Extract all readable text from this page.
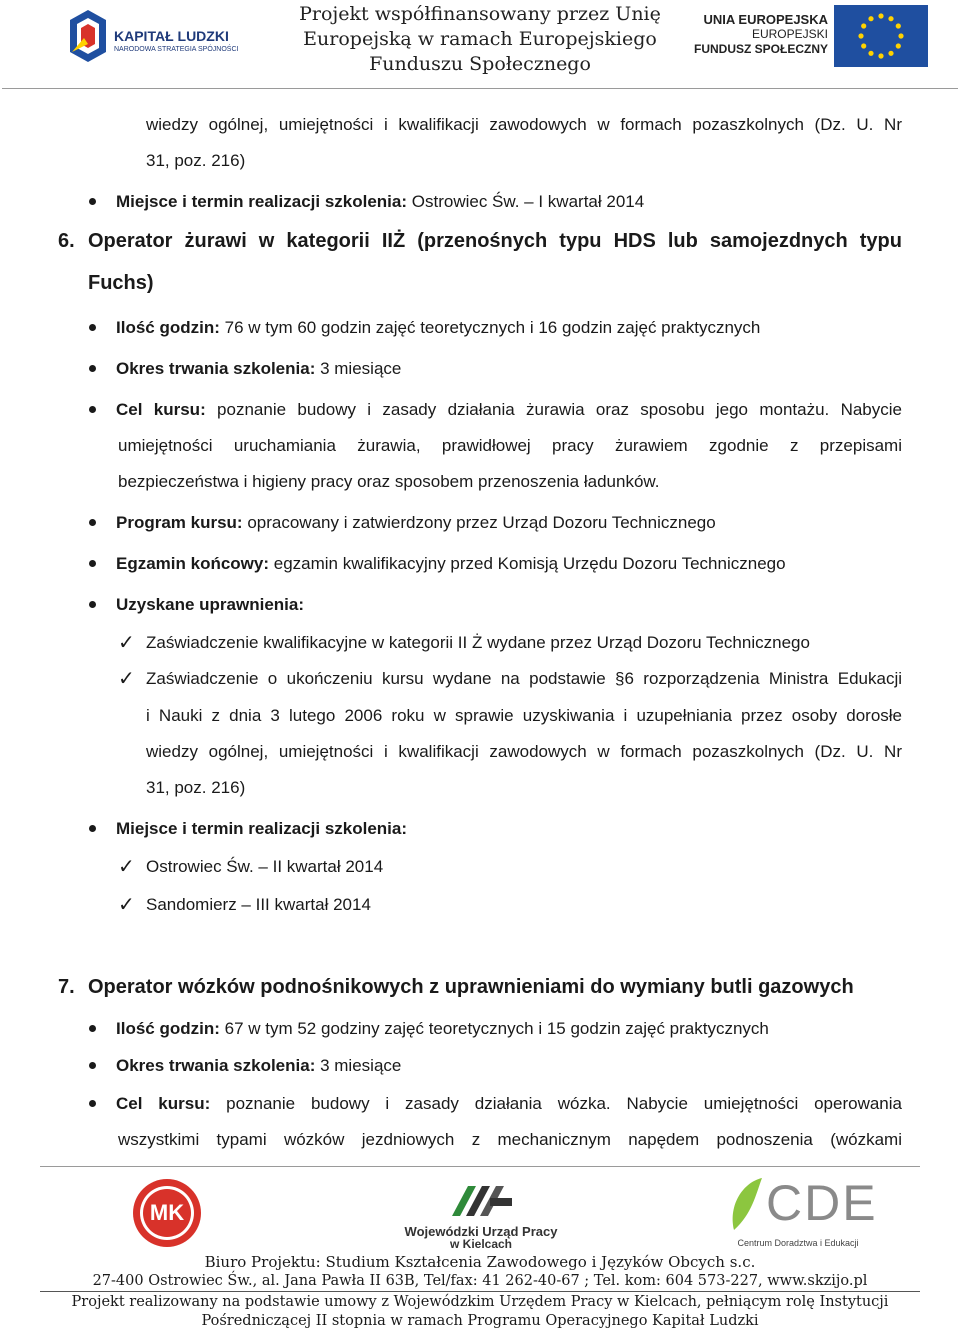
KAPITAŁ LUDZKI
NARODOWA STRATEGIA SPÓJNOŚCI
Projekt współfinansowany przez Unię
Europejską w ramach Europejskiego
Funduszu Społecznego
UNIA EUROPEJSKA
EUROPEJSKI
FUNDUSZ SPOŁECZNY
wiedzy ogólnej, umiejętności i kwalifikacji zawodowych w formach pozaszkolnych (Dz. U. Nr
31, poz. 216)
Miejsce i termin realizacji szkolenia: Ostrowiec Św. – I kwartał 2014
6. Operator żurawi w kategorii IIŻ (przenośnych typu HDS lub samojezdnych typu
Fuchs)
Ilość godzin: 76 w tym 60 godzin zajęć teoretycznych i 16 godzin zajęć praktycznych
Okres trwania szkolenia: 3 miesiące
Cel kursu: poznanie budowy i zasady działania żurawia oraz sposobu jego montażu. Nabycie
umiejętności uruchamiania żurawia, prawidłowej pracy żurawiem zgodnie z przepisami
bezpieczeństwa i higieny pracy oraz sposobem przenoszenia ładunków.
Program kursu: opracowany i zatwierdzony przez Urząd Dozoru Technicznego
Egzamin końcowy: egzamin kwalifikacyjny przed Komisją Urzędu Dozoru Technicznego
Uzyskane uprawnienia:
✓ Zaświadczenie kwalifikacyjne w kategorii II Ż wydane przez Urząd Dozoru Technicznego
✓ Zaświadczenie o ukończeniu kursu wydane na podstawie §6 rozporządzenia Ministra Edukacji
i Nauki z dnia 3 lutego 2006 roku w sprawie uzyskiwania i uzupełniania przez osoby dorosłe
wiedzy ogólnej, umiejętności i kwalifikacji zawodowych w formach pozaszkolnych (Dz. U. Nr
31, poz. 216)
Miejsce i termin realizacji szkolenia:
✓ Ostrowiec Św. – II kwartał 2014
✓ Sandomierz – III kwartał 2014
7. Operator wózków podnośnikowych z uprawnieniami do wymiany butli gazowych
Ilość godzin: 67 w tym 52 godziny zajęć teoretycznych i 15 godzin zajęć praktycznych
Okres trwania szkolenia: 3 miesiące
Cel kursu: poznanie budowy i zasady działania wózka. Nabycie umiejętności operowania
wszystkimi typami wózków jezdniowych z mechanicznym napędem podnoszenia (wózkami
MK
Wojewódzki Urząd Pracy
w Kielcach
CDE
Centrum Doradztwa i Edukacji
Biuro Projektu: Studium Kształcenia Zawodowego i Języków Obcych s.c.
27-400 Ostrowiec Św., al. Jana Pawła II 63B, Tel/fax: 41 262-40-67 ; Tel. kom: 604 573-227, www.skzijo.pl
Projekt realizowany na podstawie umowy z Wojewódzkim Urzędem Pracy w Kielcach, pełniącym rolę Instytucji
Pośredniczącej II stopnia w ramach Programu Operacyjnego Kapitał Ludzki
